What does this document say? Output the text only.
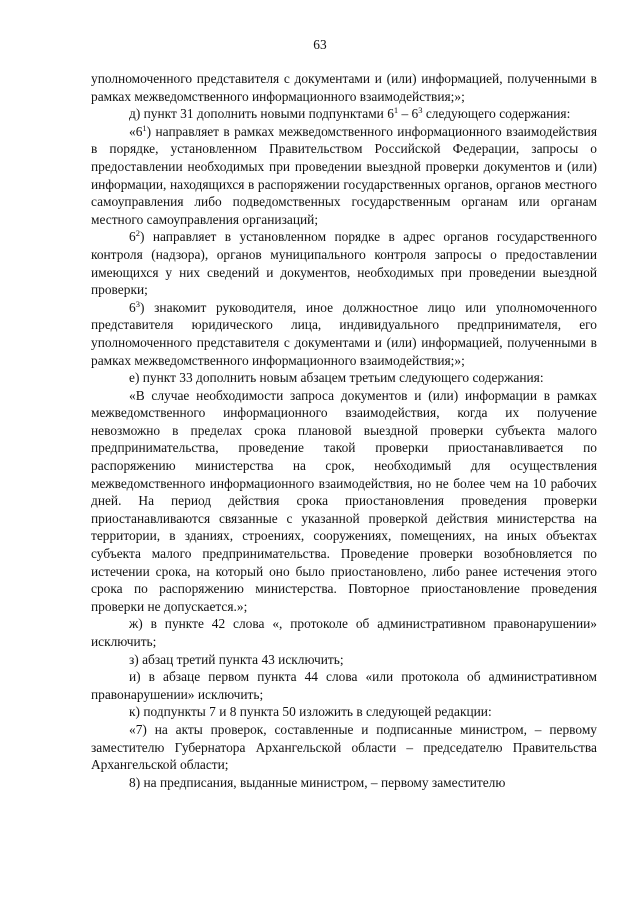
63

уполномоченного представителя с документами и (или) информацией, полученными в рамках межведомственного информационного взаимодействия;»;

д) пункт 31 дополнить новыми подпунктами $6^1 - 6^3$ следующего содержания:

«$6^1$) направляет в рамках межведомственного информационного взаимодействия в порядке, установленном Правительством Российской Федерации, запросы о предоставлении необходимых при проведении выездной проверки документов и (или) информации, находящихся в распоряжении государственных органов, органов местного самоуправления либо подведомственных государственным органам или органам местного самоуправления организаций;

$6^2$) направляет в установленном порядке в адрес органов государственного контроля (надзора), органов муниципального контроля запросы о предоставлении имеющихся у них сведений и документов, необходимых при проведении выездной проверки;

$6^3$) знакомит руководителя, иное должностное лицо или уполномоченного представителя юридического лица, индивидуального предпринимателя, его уполномоченного представителя с документами и (или) информацией, полученными в рамках межведомственного информационного взаимодействия;»;

е) пункт 33 дополнить новым абзацем третьим следующего содержания:

«В случае необходимости запроса документов и (или) информации в рамках межведомственного информационного взаимодействия, когда их получение невозможно в пределах срока плановой выездной проверки субъекта малого предпринимательства, проведение такой проверки приостанавливается по распоряжению министерства на срок, необходимый для осуществления межведомственного информационного взаимодействия, но не более чем на 10 рабочих дней. На период действия срока приостановления проведения проверки приостанавливаются связанные с указанной проверкой действия министерства на территории, в зданиях, строениях, сооружениях, помещениях, на иных объектах субъекта малого предпринимательства. Проведение проверки возобновляется по истечении срока, на который оно было приостановлено, либо ранее истечения этого срока по распоряжению министерства. Повторное приостановление проведения проверки не допускается.»;

ж) в пункте 42 слова «, протоколе об административном правонарушении» исключить;

з) абзац третий пункта 43 исключить;

и) в абзаце первом пункта 44 слова «или протокола об административном правонарушении» исключить;

к) подпункты 7 и 8 пункта 50 изложить в следующей редакции:

«7) на акты проверок, составленные и подписанные министром, – первому заместителю Губернатора Архангельской области – председателю Правительства Архангельской области;

8) на предписания, выданные министром, – первому заместителю
